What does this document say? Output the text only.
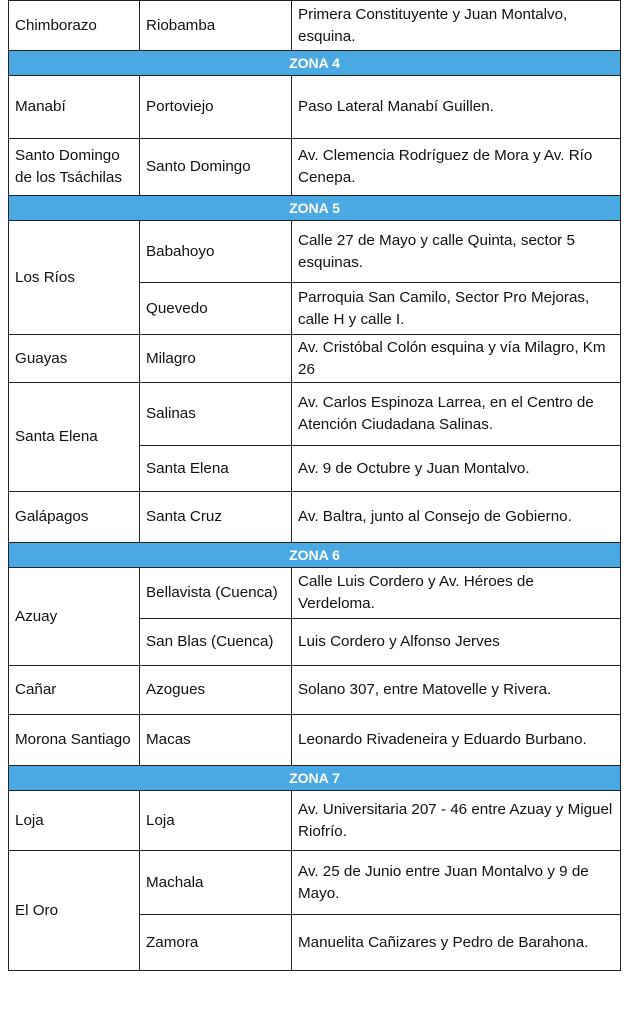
Chimborazo	Riobamba	Primera Constituyente y Juan Montalvo, esquina.
ZONA 4		
Manabí	Portoviejo	Paso Lateral Manabí Guillen.
Santo Domingo de los Tsáchilas	Santo Domingo	Av. Clemencia Rodríguez de Mora y Av. Río Cenepa.
ZONA 5		
Los Ríos	Babahoyo	Calle 27 de Mayo y calle Quinta, sector 5 esquinas.
	Quevedo	Parroquia San Camilo, Sector Pro Mejoras, calle H y calle I.
Guayas	Milagro	Av. Cristóbal Colón esquina y vía Milagro, Km 26
Santa Elena	Salinas	Av. Carlos Espinoza Larrea, en el Centro de Atención Ciudadana Salinas.
	Santa Elena	Av. 9 de Octubre y Juan Montalvo.
Galápagos	Santa Cruz	Av. Baltra, junto al Consejo de Gobierno.
ZONA 6		
Azuay	Bellavista (Cuenca)	Calle Luis Cordero y Av. Héroes de Verdeloma.
	San Blas (Cuenca)	Luis Cordero y Alfonso Jerves
Cañar	Azogues	Solano 307, entre Matovelle y Rivera.
Morona Santiago	Macas	Leonardo Rivadeneira y Eduardo Burbano.
ZONA 7		
Loja	Loja	Av. Universitaria 207 - 46 entre Azuay y Miguel Riofrío.
El Oro	Machala	Av. 25 de Junio entre Juan Montalvo y 9 de Mayo.
	Zamora	Manuelita Cañizares y Pedro de Barahona.
